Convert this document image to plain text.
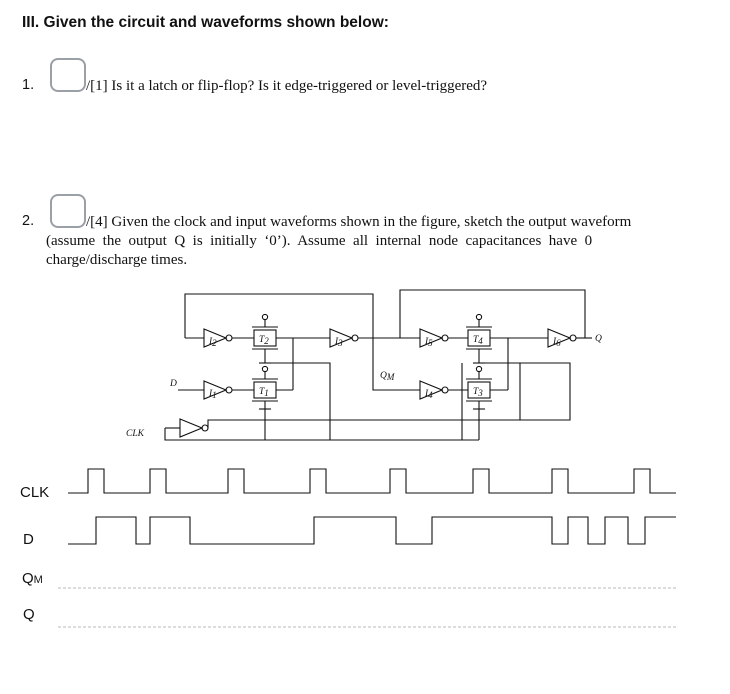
III. Given the circuit and waveforms shown below:
1.	/[1] Is it a latch or flip-flop? Is it edge-triggered or level-triggered?
2.	/[4] Given the clock and input waveforms shown in the figure, sketch the output waveform
(assume  the  output  Q  is  initially  ‘0’).  Assume  all  internal  node  capacitances  have  0
charge/discharge times.
I2	T2	I3
D
I1	T1
QM
I5	T4	I6	Q
I4	T3
CLK
CLK
D
QM
Q
